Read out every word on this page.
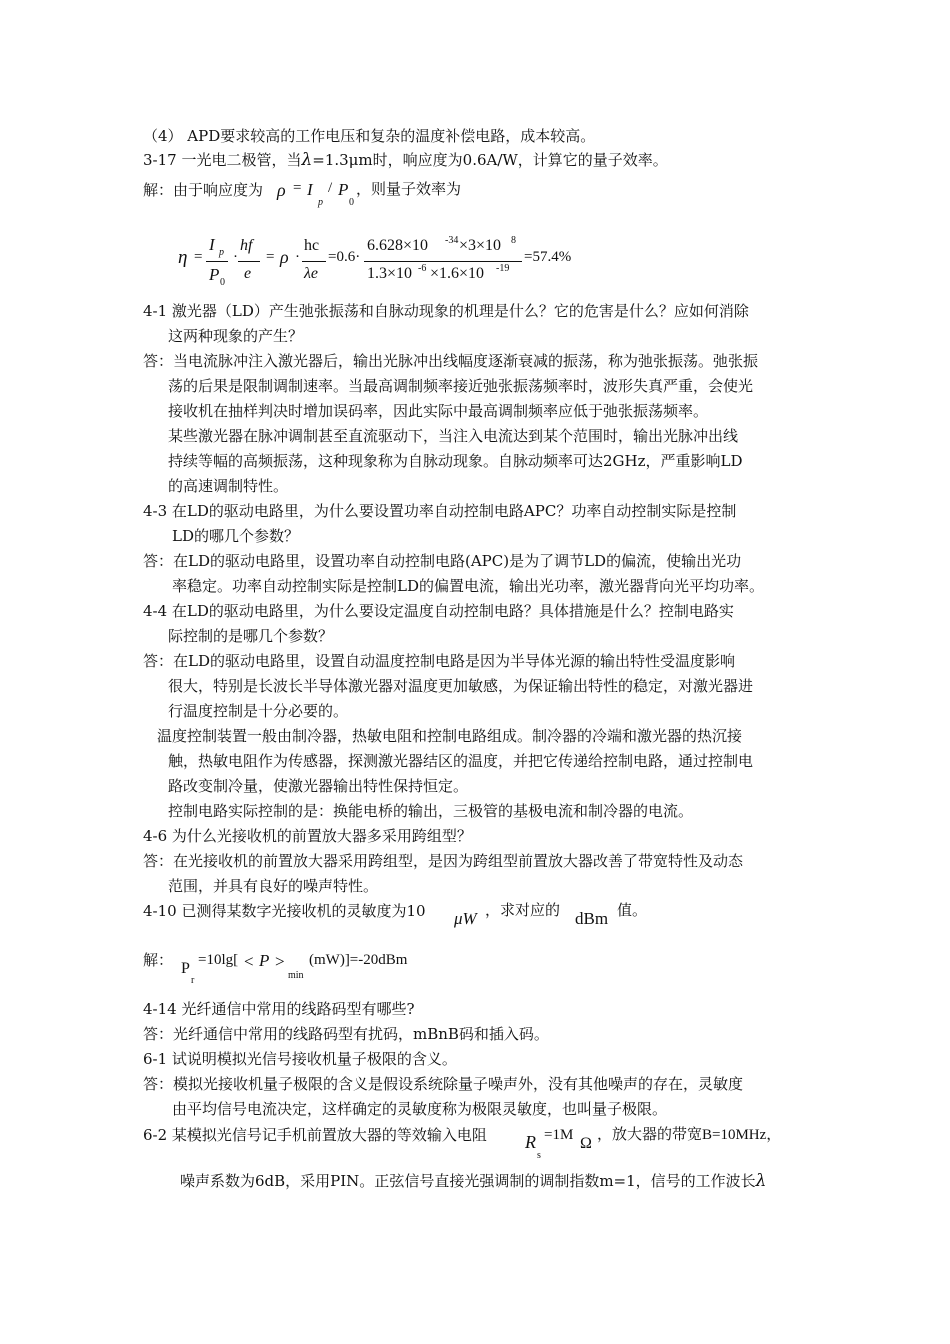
（4） APD要求较高的工作电压和复杂的温度补偿电路，成本较高。
3-17 一光电二极管，当λ=1.3μm时，响应度为0.6A/W，计算它的量子效率。
解：由于响应度为 ρ = I
p
/ P
0
，则量子效率为
η =
I p
P 0
·
hf
e
= ρ ·
hc
λe
=0.6·
6.628×10 -34 ×3×10 8
1.3×10 -6 ×1.6×10 -19
=57.4%
4-1 激光器（LD）产生弛张振荡和自脉动现象的机理是什么？它的危害是什么？应如何消除
这两种现象的产生？
答：当电流脉冲注入激光器后，输出光脉冲出线幅度逐渐衰减的振荡，称为弛张振荡。弛张振
荡的后果是限制调制速率。当最高调制频率接近弛张振荡频率时，波形失真严重，会使光
接收机在抽样判决时增加误码率，因此实际中最高调制频率应低于弛张振荡频率。
某些激光器在脉冲调制甚至直流驱动下，当注入电流达到某个范围时，输出光脉冲出线
持续等幅的高频振荡，这种现象称为自脉动现象。自脉动频率可达2GHz，严重影响LD
的高速调制特性。
4-3 在LD的驱动电路里，为什么要设置功率自动控制电路APC？功率自动控制实际是控制
LD的哪几个参数？
答：在LD的驱动电路里，设置功率自动控制电路(APC)是为了调节LD的偏流，使输出光功
率稳定。功率自动控制实际是控制LD的偏置电流，输出光功率，激光器背向光平均功率。
4-4 在LD的驱动电路里，为什么要设定温度自动控制电路？具体措施是什么？控制电路实
际控制的是哪几个参数？
答：在LD的驱动电路里，设置自动温度控制电路是因为半导体光源的输出特性受温度影响
很大，特别是长波长半导体激光器对温度更加敏感，为保证输出特性的稳定，对激光器进
行温度控制是十分必要的。
温度控制装置一般由制冷器，热敏电阻和控制电路组成。制冷器的冷端和激光器的热沉接
触，热敏电阻作为传感器，探测激光器结区的温度，并把它传递给控制电路，通过控制电
路改变制冷量，使激光器输出特性保持恒定。
控制电路实际控制的是：换能电桥的输出，三极管的基极电流和制冷器的电流。
4-6 为什么光接收机的前置放大器多采用跨组型？
答：在光接收机的前置放大器采用跨组型，是因为跨组型前置放大器改善了带宽特性及动态
范围，并具有良好的噪声特性。
4-10 已测得某数字光接收机的灵敏度为10 μW ，求对应的 dBm 值。
解： P
r
=10lg[ < P >
min
(mW)]=-20dBm
4-14 光纤通信中常用的线路码型有哪些?
答：光纤通信中常用的线路码型有扰码，mBnB码和插入码。
6-1 试说明模拟光信号接收机量子极限的含义。
答：模拟光接收机量子极限的含义是假设系统除量子噪声外，没有其他噪声的存在，灵敏度
由平均信号电流决定，这样确定的灵敏度称为极限灵敏度，也叫量子极限。
6-2 某模拟光信号记手机前置放大器的等效输入电阻 R
s
=1M Ω ，放大器的带宽B=10MHz，
噪声系数为6dB，采用PIN。正弦信号直接光强调制的调制指数m=1，信号的工作波长λ
